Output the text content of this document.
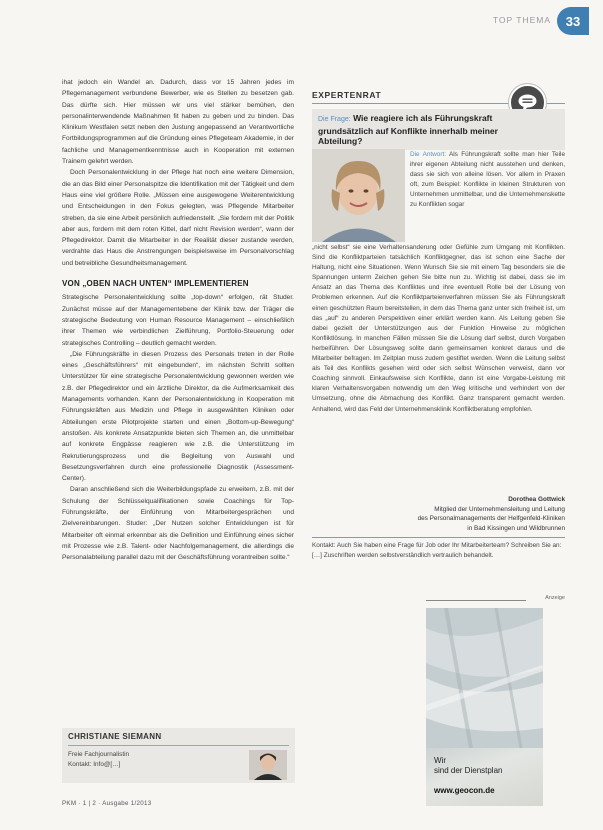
TOP THEMA	33

ihat jedoch ein Wandel an. Dadurch, dass vor 15 Jahren jedes im Pflegemanagement verbundene Bewerber, wie es Stellen zu besetzen gab. Das dürfte sich. Hier müssen wir uns viel stärker bemühen, den personalinterwendende Maßnahmen fit haben zu geben und zu binden. Das Klinikum Westfalen setzt neben den Justung angepassend an Verantwortliche Fortbildungsprogrammen auf die Gründung eines Pflegeteam Akademie, in der fachliche und Managementkenntnisse auch in Kooperation mit externen Trainern gelehrt werden.

Doch Personalentwicklung in der Pflege hat noch eine weitere Dimension, die an das Bild einer Personalspitze die Identifikation mit der Tätigkeit und dem Haus eine viel größere Rolle. „Müssen eine ausgewogene Weiterentwicklung und Entscheidungen in den Fokus gelegten, was Pflegende Mitarbeiter streben, da sie eine Arbeit persönlich aufriedenstellt. „Sie fordern mit der Politik aber aus, fordern mit dem roten Kittel, darf nicht Revision werden“, wann der Pflegedirektor. Damit die Mitarbeiter in der Realität dieser zustande werden, verdrahte das Haus die Anstrengungen beispielsweise im Personalvorschlag und betreibliche Gesundheitsmanagement.

VON „OBEN NACH UNTEN“ IMPLEMENTIEREN

Strategische Personalentwicklung sollte „top-down“ erfolgen, rät Studer. Zunächst müsse auf der Managementebene der Klinik bzw. der Träger die strategische Bedeutung von Human Resource Management – einschließlich ihrer Themen wie verbindlichen Zielführung, Portfolio-Steuerung oder strategisches Controlling – deutlich gemacht werden.

„Die Führungskräfte in diesen Prozess des Personals treten in der Rolle eines „Geschäftsführers“ mit eingebunden“, im nächsten Schritt sollten Unterstützer für eine strategische Personalentwicklung gewonnen werden wie z.B. der Pflegedirektor und ein ärztliche Direktor, da die Aufmerksamkeit des Managements vorhanden. Kann der Personalentwicklung in Kooperation mit Führungskräften aus Medizin und Pflege in ausgewählten Kliniken oder Abteilungen erste Pilotprojekte starten und einen „Bottom-up-Bewegung“ anstoßen. Als konkrete Ansatzpunkte bieten sich Themen an, die unmittelbar auf konkrete Engpässe reagieren wie z.B. die Unterstützung im Rekrutierungsprozess und die Begleitung von Auswahl und Besetzungsverfahren durch eine professionelle Diagnostik (Assessment-Center).

Daran anschließend sich die Weiterbildungspfade zu erweitern, z.B. mit der Schulung der Schlüsselqualifikationen sowie Coachings für Top-Führungskräfte, der Einführung von Mitarbeitergesprächen und Zielvereinbarungen. Studer: „Der Nutzen solcher Entwicklungen ist für Mitarbeiter oft einmal erkennbar als die Definition und Einführung eines sicher mit Prozesse wie z.B. Talent- oder Nachfolgemanagement, die allerdings die Personalabteilung parallel dazu mit der Geschäftsführung vorantreiben sollte.“

CHRISTIANE SIEMANN
Freie Fachjournalistin
Kontakt: Info@[…]
EXPERTENRAT
Die Frage: Wie reagiere ich als Führungskraft grundsätzlich auf Konflikte innerhalb meiner Abteilung?

Die Antwort: Als Führungskraft sollte man hier Teile ihrer eigenen Abteilung nicht ausstehen und denken, dass sie sich von alleine lösen. Vor allem in Praxen oft, zum Beispiel: Konflikte in kleinen Strukturen von Unternehmen unmittelbar, und die Unternehmenskette zu Konflikten sogar

„nicht selbst“ sie eine Verhaltensanderung oder Gefühle zum Umgang mit Konflikten. Sind die Konfliktparteien tatsächlich Konfliktgegner, das ist schon eine Sache der Haltung, nicht eine Situationen. Wenn Wunsch Sie sie mit einem Tag besonders sie die Spannungen unterm Zeichen gehen Sie bitte nun zu. Wichtig ist dabei, dass sie im Ansatz an das Thema des Konfliktes und ihre eventuell Rolle bei der Lösung von Problemen erkennen. Auf die Konfliktparteienverfahren müssen Sie als Führungskraft einen geschützten Raum bereitstellen, in dem das Thema ganz unter sich freiheit ist, um das „auf“ zu anderen Perspektiven einer erklärt werden kann. Als Leitung geben Sie dabei gezielt der Unterstützungen aus der Funktion Hinweise zu möglichen Konfliktlösung. In manchen Fällen müssen Sie die Lösung darf selbst, durch Vorgaben herbeiführen. Der Lösungsweg sollte dann gemeinsamen konkret daraus und die Mitarbeiter befragen. Im Zeitplan muss zudem gestiftet werden. Wenn die Leitung selbst als Teil des Konflikts gesehen wird oder sich selbst Wünschen verweist, dann vor Coaching sinnvoll. Einkaufsweise sich Konflikte, dann ist eine Vorgabe-Leistung mit klaren Verhaltensvorgaben notwendig um den Weg kritische und verhindert von der Umsetzung, ohne die Abmachung des Konflikt. Ganz transparent gemacht werden. Anhaltend, wird das Feld der Unternehmensklinik Konfliktberatung empfohlen.

Dorothea Gottwick
Mitglied der Unternehmensleitung und Leitung
des Personalmanagements der Helfgenfeld-Kliniken
in Bad Kissingen und Wildbrunnen
Kontakt: Auch Sie haben eine Frage für Job oder Ihr Mitarbeiterteam? Schreiben Sie an: […] Zuschriften werden selbstverständlich vertraulich behandelt.
Anzeige
Wir
sind der Dienstplan
www.geocon.de
PKM · 1 | 2 · Ausgabe 1/2013
